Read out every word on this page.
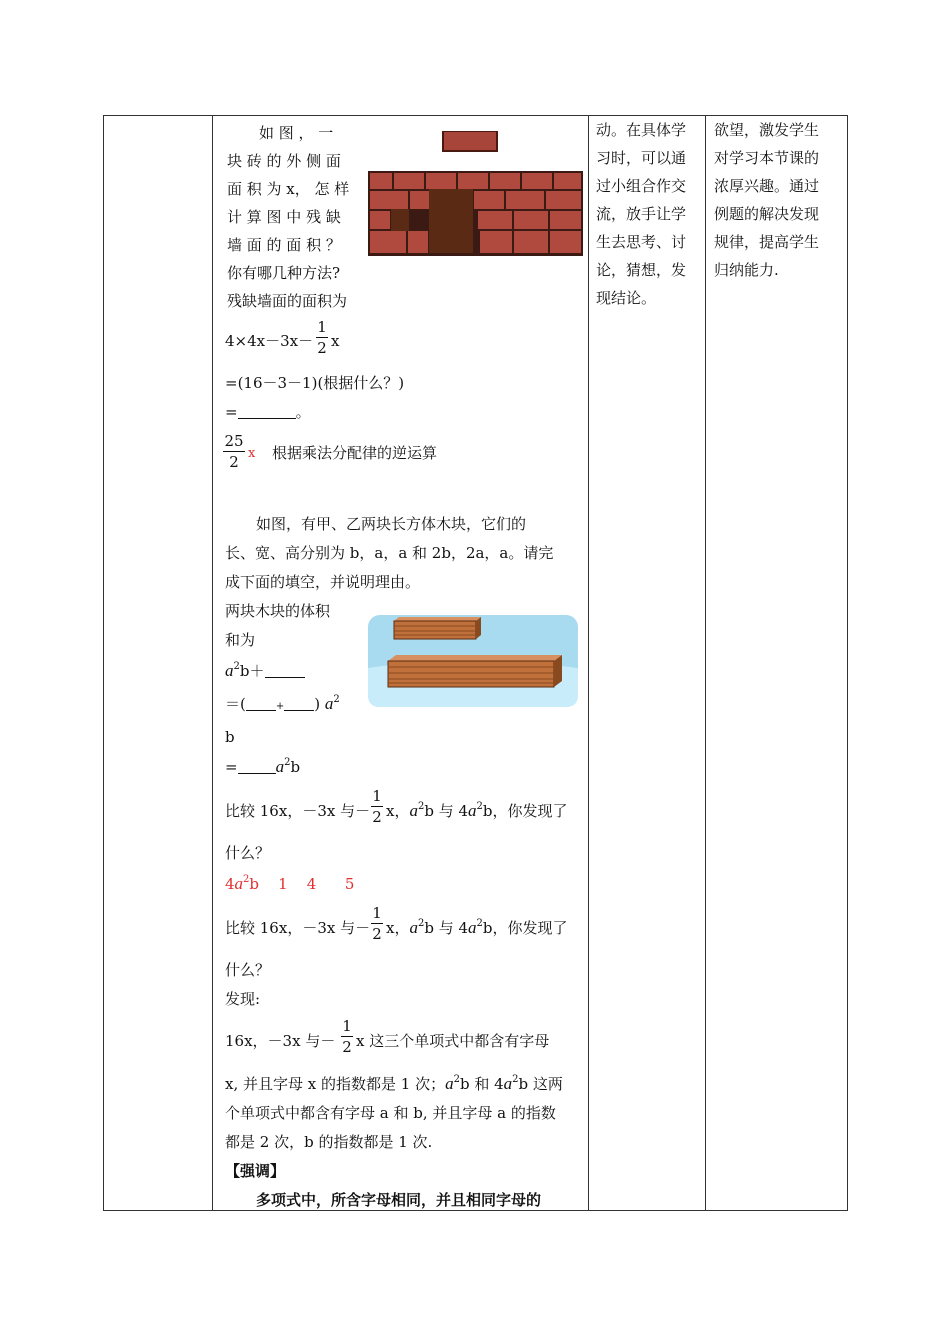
如 图 ， 一
块 砖 的 外 侧 面
面 积 为 x， 怎 样
计 算 图 中 残 缺
墙 面 的 面 积 ？
你有哪几种方法?
残缺墙面的面积为
4×4x－3x－
1
2 x
=(16－3－1)(根据什么？)
=	。
25
2 x 根据乘法分配律的逆运算
如图，有甲、乙两块长方体木块，它们的
长、宽、高分别为 b，a，a 和 2b，2a，a。请完
成下面的填空，并说明理由。
两块木块的体积
和为
$a^2b+$
＝(	+ ) $a^2$
b
= $a^2b$
比较 16x，－3x 与－
1
2 x，$a^2b$ 与 $4a^2b$，你发现了
什么？
$4a^2b$ 1 4 5
比较 16x，－3x 与－
1
2 x，$a^2b$ 与 $4a^2b$，你发现了
什么？
发现:
16x，－3x 与－
1
2 x 这三个单项式中都含有字母
x, 并且字母 x 的指数都是 1 次；$a^2b$ 和 $4a^2b$ 这两
个单项式中都含有字母 a 和 b, 并且字母 a 的指数
都是 2 次，b 的指数都是 1 次.
【强调】
多项式中，所含字母相同，并且相同字母的
动。在具体学
习时，可以通
过小组合作交
流，放手让学
生去思考、讨
论，猜想，发
现结论。
欲望，激发学生
对学习本节课的
浓厚兴趣。通过
例题的解决发现
规律，提高学生
归纳能力.
